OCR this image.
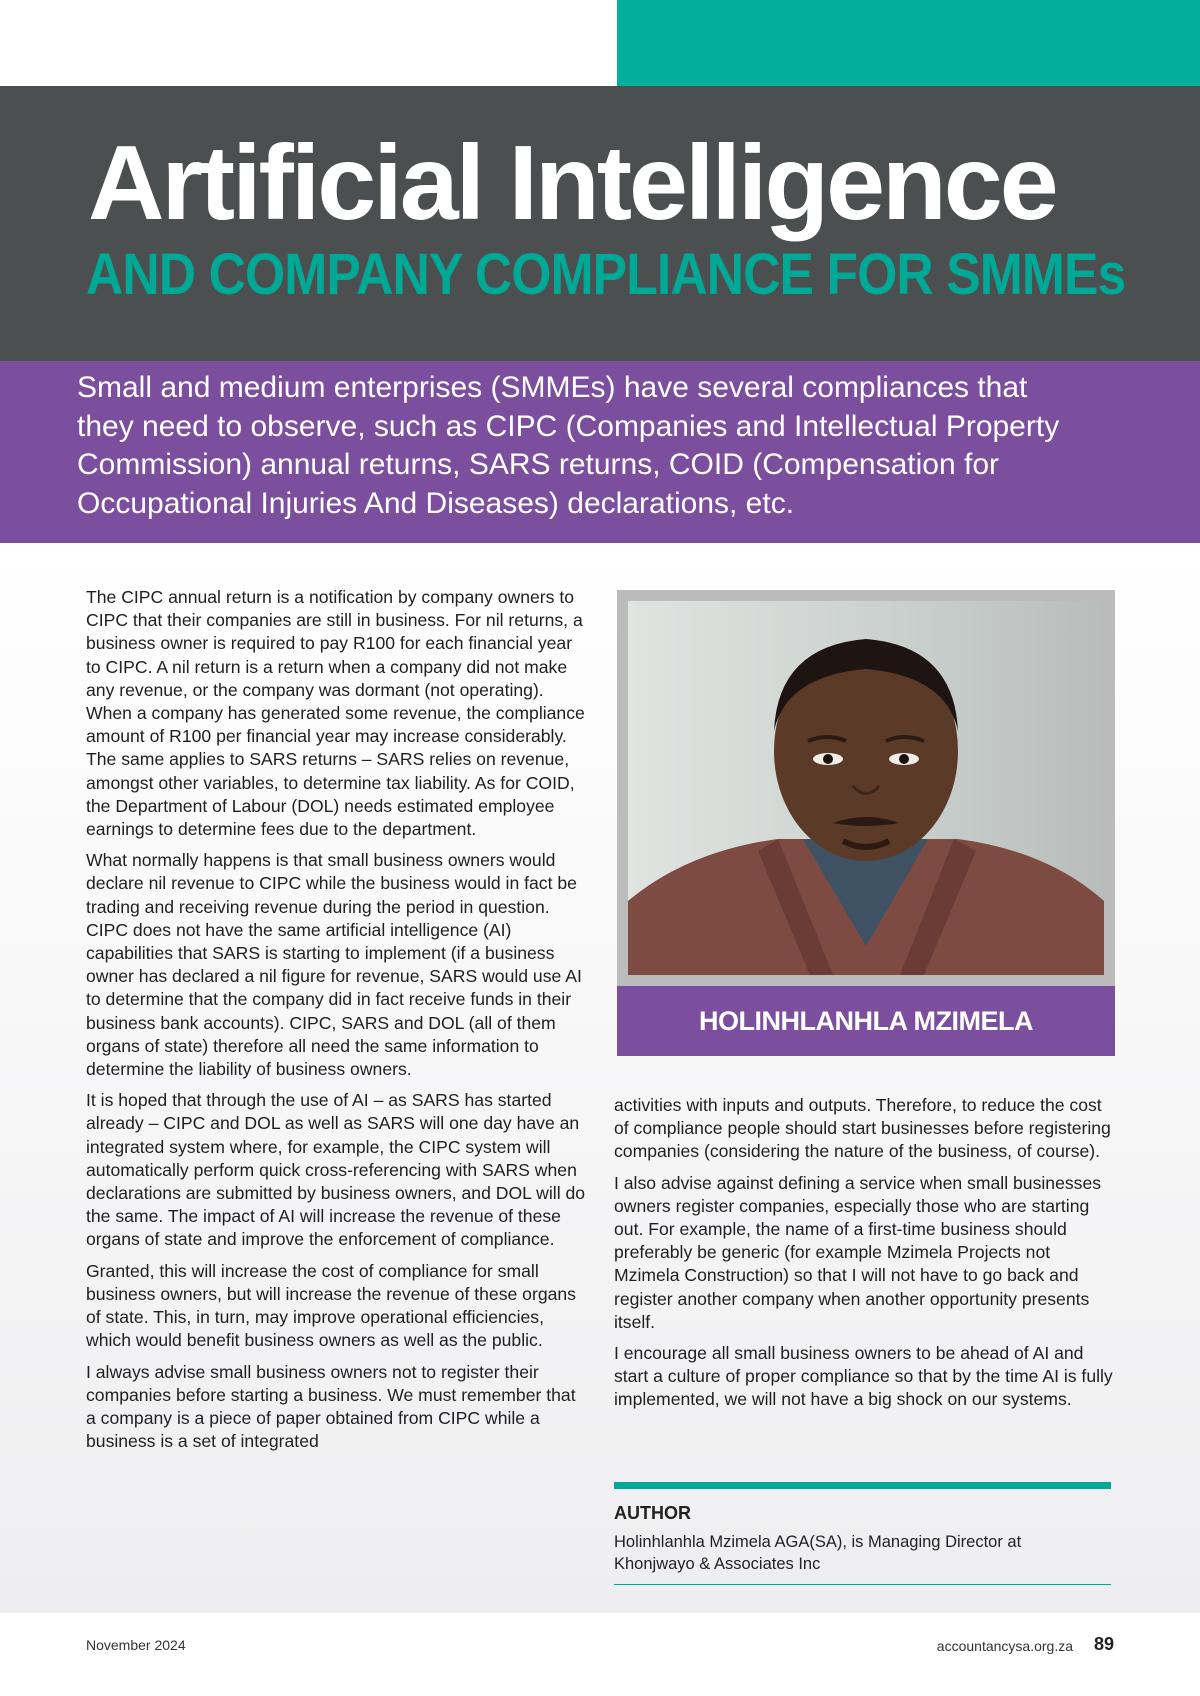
Artificial Intelligence
AND COMPANY COMPLIANCE FOR SMMEs

Small and medium enterprises (SMMEs) have several compliances that they need to observe, such as CIPC (Companies and Intellectual Property Commission) annual returns, SARS returns, COID (Compensation for Occupational Injuries And Diseases) declarations, etc.

The CIPC annual return is a notification by company owners to CIPC that their companies are still in business. For nil returns, a business owner is required to pay R100 for each financial year to CIPC. A nil return is a return when a company did not make any revenue, or the company was dormant (not operating). When a company has generated some revenue, the compliance amount of R100 per financial year may increase considerably. The same applies to SARS returns – SARS relies on revenue, amongst other variables, to determine tax liability. As for COID, the Department of Labour (DOL) needs estimated employee earnings to determine fees due to the department.

What normally happens is that small business owners would declare nil revenue to CIPC while the business would in fact be trading and receiving revenue during the period in question. CIPC does not have the same artificial intelligence (AI) capabilities that SARS is starting to implement (if a business owner has declared a nil figure for revenue, SARS would use AI to determine that the company did in fact receive funds in their business bank accounts). CIPC, SARS and DOL (all of them organs of state) therefore all need the same information to determine the liability of business owners.

It is hoped that through the use of AI – as SARS has started already – CIPC and DOL as well as SARS will one day have an integrated system where, for example, the CIPC system will automatically perform quick cross-referencing with SARS when declarations are submitted by business owners, and DOL will do the same. The impact of AI will increase the revenue of these organs of state and improve the enforcement of compliance.

Granted, this will increase the cost of compliance for small business owners, but will increase the revenue of these organs of state. This, in turn, may improve operational efficiencies, which would benefit business owners as well as the public.

I always advise small business owners not to register their companies before starting a business. We must remember that a company is a piece of paper obtained from CIPC while a business is a set of integrated

HOLINHLANHLA MZIMELA

activities with inputs and outputs. Therefore, to reduce the cost of compliance people should start businesses before registering companies (considering the nature of the business, of course).

I also advise against defining a service when small businesses owners register companies, especially those who are starting out. For example, the name of a first-time business should preferably be generic (for example Mzimela Projects not Mzimela Construction) so that I will not have to go back and register another company when another opportunity presents itself.

I encourage all small business owners to be ahead of AI and start a culture of proper compliance so that by the time AI is fully implemented, we will not have a big shock on our systems.

AUTHOR
Holinhlanhla Mzimela AGA(SA), is Managing Director at Khonjwayo & Associates Inc
November 2024	accountancysa.org.za 89
